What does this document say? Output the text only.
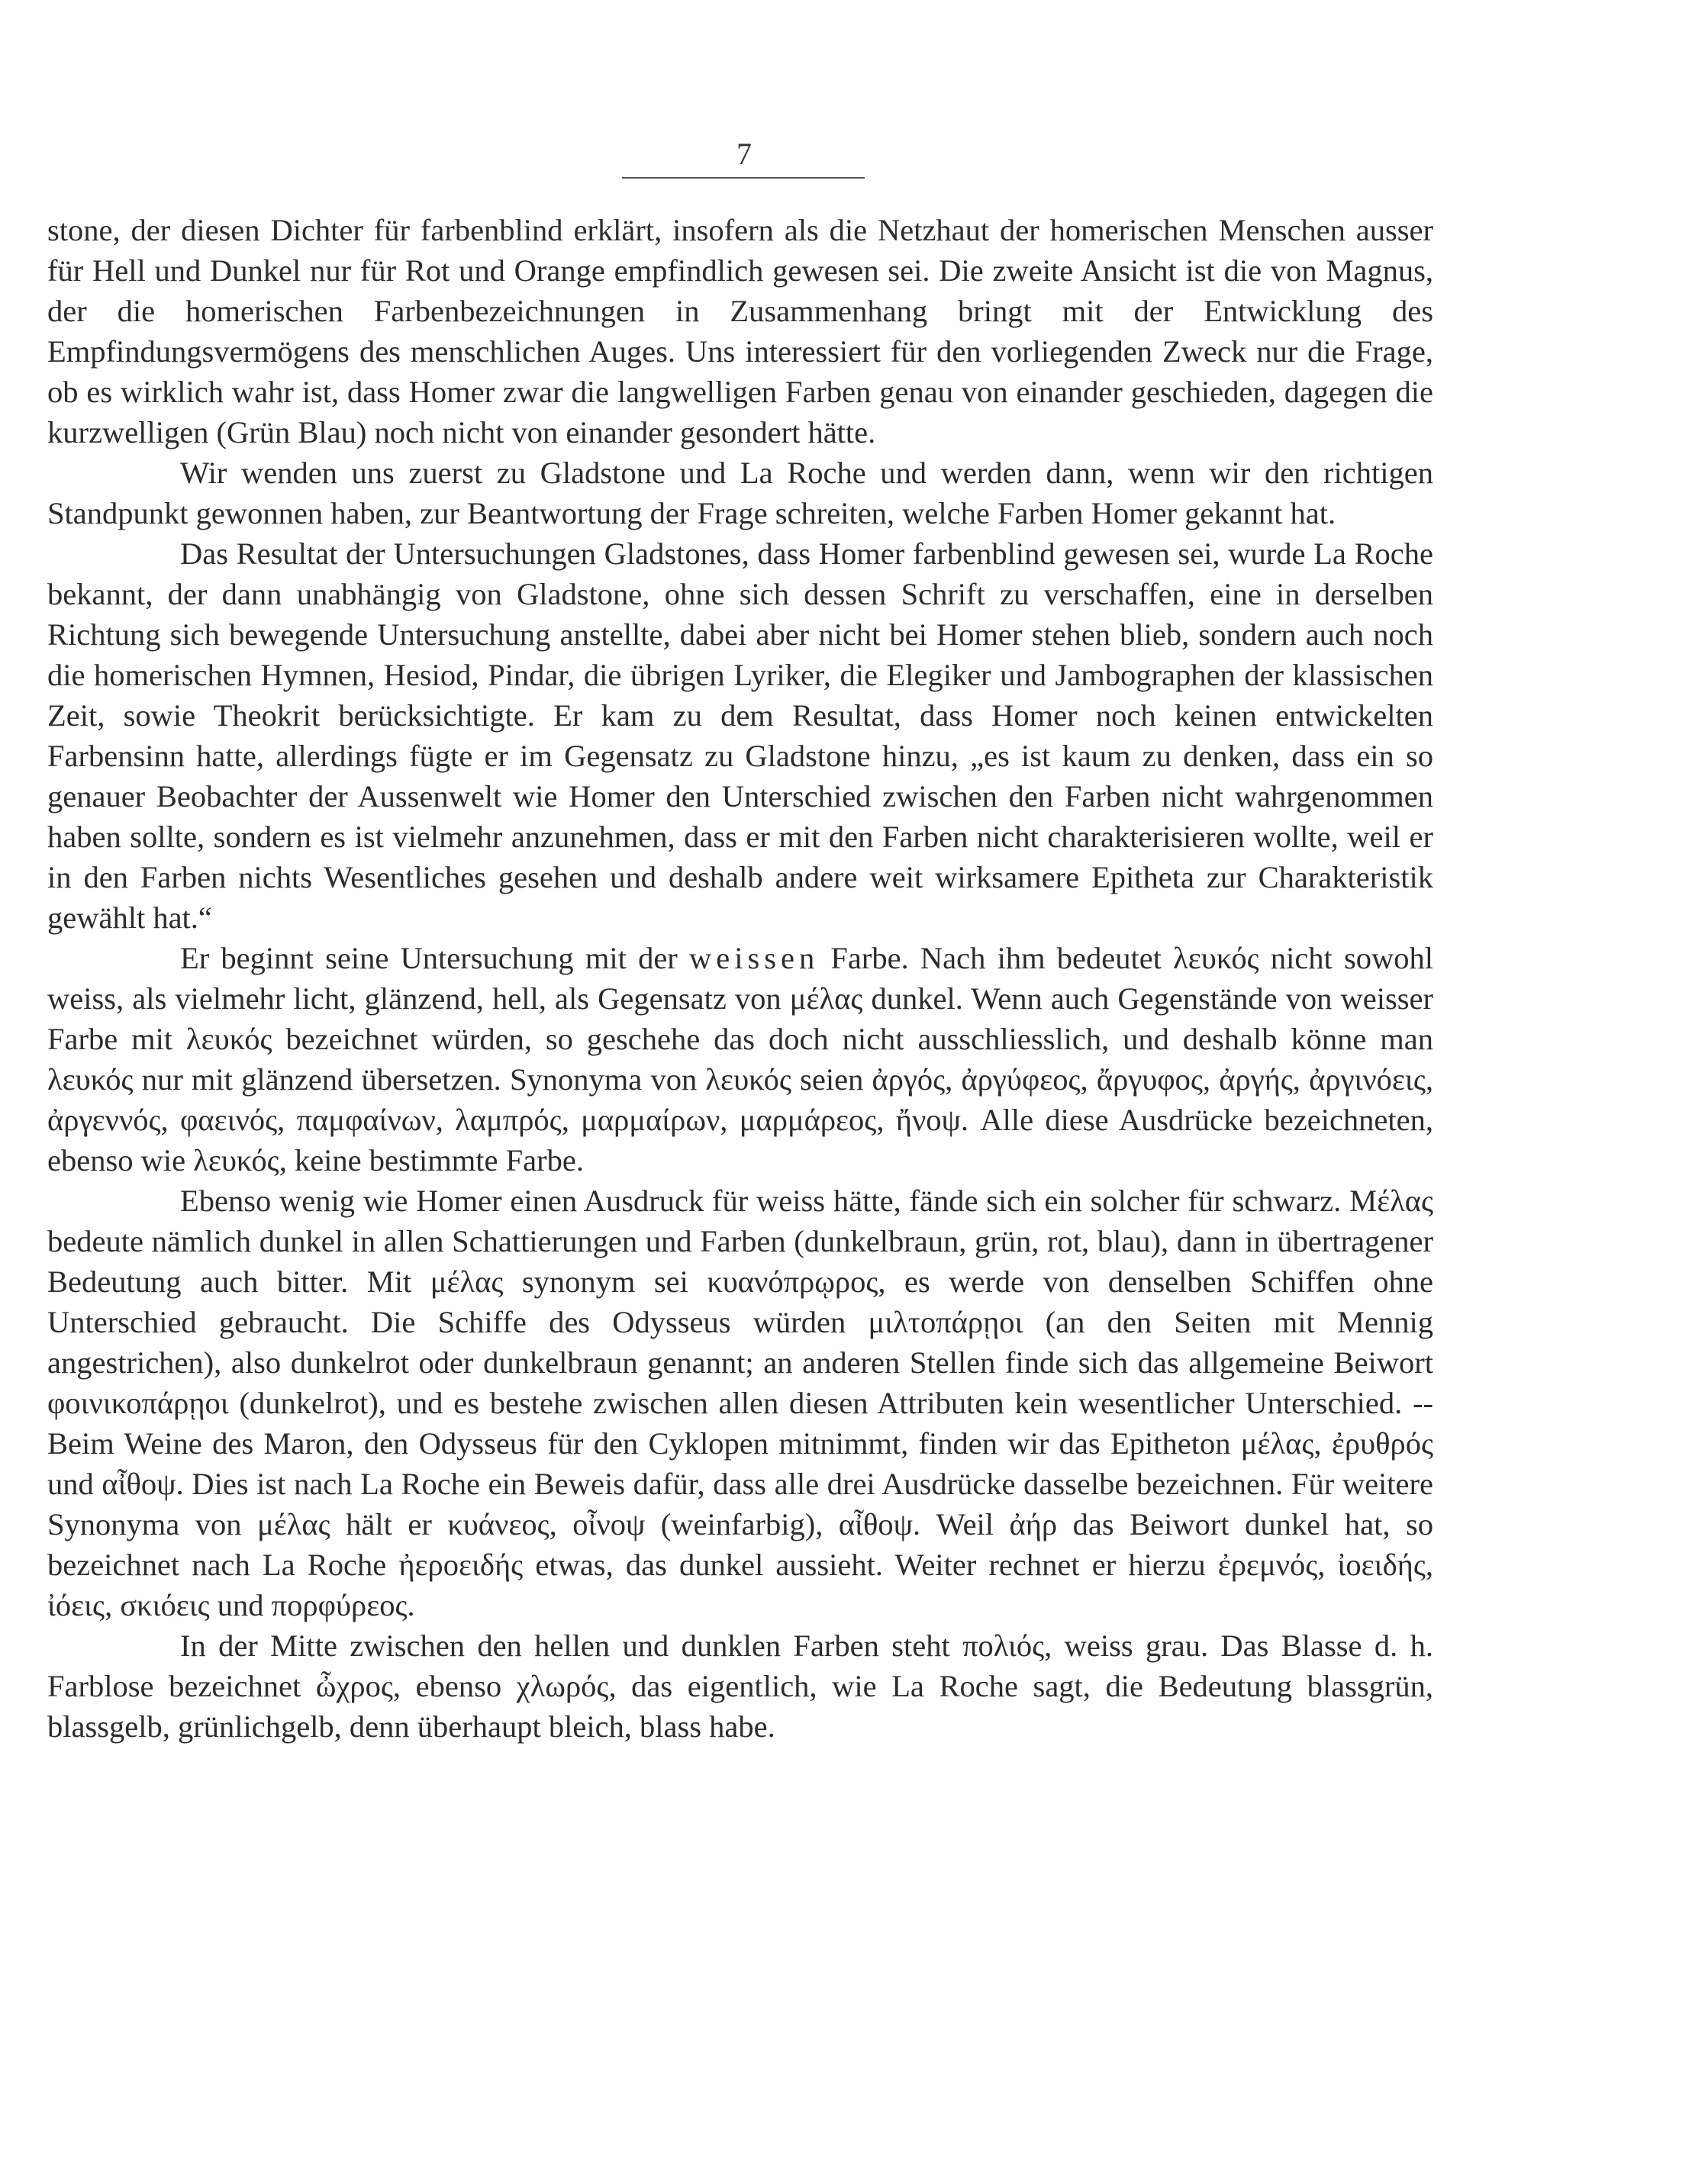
7

stone, der diesen Dichter für farbenblind erklärt, insofern als die Netzhaut der homerischen Menschen ausser für Hell und Dunkel nur für Rot und Orange empfindlich gewesen sei. Die zweite Ansicht ist die von Magnus, der die homerischen Farbenbezeichnungen in Zusammenhang bringt mit der Entwicklung des Empfindungsvermögens des menschlichen Auges. Uns interessiert für den vorliegenden Zweck nur die Frage, ob es wirklich wahr ist, dass Homer zwar die langwelligen Farben genau von einander geschieden, dagegen die kurzwelligen (Grün Blau) noch nicht von einander gesondert hätte.

Wir wenden uns zuerst zu Gladstone und La Roche und werden dann, wenn wir den richtigen Standpunkt gewonnen haben, zur Beantwortung der Frage schreiten, welche Farben Homer gekannt hat.

Das Resultat der Untersuchungen Gladstones, dass Homer farbenblind gewesen sei, wurde La Roche bekannt, der dann unabhängig von Gladstone, ohne sich dessen Schrift zu verschaffen, eine in derselben Richtung sich bewegende Untersuchung anstellte, dabei aber nicht bei Homer stehen blieb, sondern auch noch die homerischen Hymnen, Hesiod, Pindar, die übrigen Lyriker, die Elegiker und Jambographen der klassischen Zeit, sowie Theokrit berücksichtigte. Er kam zu dem Resultat, dass Homer noch keinen entwickelten Farbensinn hatte, allerdings fügte er im Gegensatz zu Gladstone hinzu, „es ist kaum zu denken, dass ein so genauer Beobachter der Aussenwelt wie Homer den Unterschied zwischen den Farben nicht wahrgenommen haben sollte, sondern es ist vielmehr anzunehmen, dass er mit den Farben nicht charakterisieren wollte, weil er in den Farben nichts Wesentliches gesehen und deshalb andere weit wirksamere Epitheta zur Charakteristik gewählt hat.“

Er beginnt seine Untersuchung mit der weissen Farbe. Nach ihm bedeutet λευκός nicht sowohl weiss, als vielmehr licht, glänzend, hell, als Gegensatz von μέλας dunkel. Wenn auch Gegenstände von weisser Farbe mit λευκός bezeichnet würden, so geschehe das doch nicht ausschliesslich, und deshalb könne man λευκός nur mit glänzend übersetzen. Synonyma von λευκός seien ἀργός, ἀργύφεος, ἄργυφος, ἀργής, ἀργινόεις, ἀργεννός, φαεινός, παμφαίνων, λαμπρός, μαρμαίρων, μαρμάρεος, ἤνοψ. Alle diese Ausdrücke bezeichneten, ebenso wie λευκός, keine bestimmte Farbe.

Ebenso wenig wie Homer einen Ausdruck für weiss hätte, fände sich ein solcher für schwarz. Μέλας bedeute nämlich dunkel in allen Schattierungen und Farben (dunkelbraun, grün, rot, blau), dann in übertragener Bedeutung auch bitter. Mit μέλας synonym sei κυανόπρῳρος, es werde von denselben Schiffen ohne Unterschied gebraucht. Die Schiffe des Odysseus würden μιλτοπάρῃοι (an den Seiten mit Mennig angestrichen), also dunkelrot oder dunkelbraun genannt; an anderen Stellen finde sich das allgemeine Beiwort φοινικοπάρῃοι (dunkelrot), und es bestehe zwischen allen diesen Attributen kein wesentlicher Unterschied. -- Beim Weine des Maron, den Odysseus für den Cyklopen mitnimmt, finden wir das Epitheton μέλας, ἐρυθρός und αἶθοψ. Dies ist nach La Roche ein Beweis dafür, dass alle drei Ausdrücke dasselbe bezeichnen. Für weitere Synonyma von μέλας hält er κυάνεος, οἶνοψ (weinfarbig), αἶθοψ. Weil ἀήρ das Beiwort dunkel hat, so bezeichnet nach La Roche ἠεροειδής etwas, das dunkel aussieht. Weiter rechnet er hierzu ἐρεμνός, ἰοειδής, ἰόεις, σκιόεις und πορφύρεος.

In der Mitte zwischen den hellen und dunklen Farben steht πολιός, weiss grau. Das Blasse d. h. Farblose bezeichnet ὦχρος, ebenso χλωρός, das eigentlich, wie La Roche sagt, die Bedeutung blassgrün, blassgelb, grünlichgelb, denn überhaupt bleich, blass habe.
